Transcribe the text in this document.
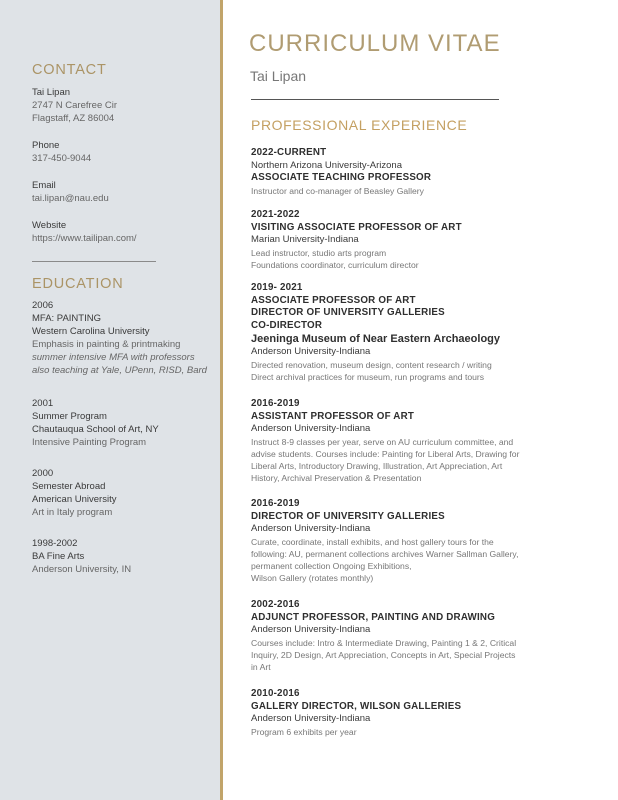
CONTACT
Tai Lipan
2747 N Carefree Cir
Flagstaff, AZ 86004
Phone
317-450-9044
Email
tai.lipan@nau.edu
Website
https://www.tailipan.com/
EDUCATION
2006
MFA: PAINTING
Western Carolina University
Emphasis in painting & printmaking
summer intensive MFA with professors
also teaching at Yale, UPenn, RISD, Bard
2001
Summer Program
Chautauqua School of Art, NY
Intensive Painting Program
2000
Semester Abroad
American University
Art in Italy program
1998-2002
BA Fine Arts
Anderson University, IN
CURRICULUM VITAE
Tai Lipan
PROFESSIONAL EXPERIENCE
2022-CURRENT
Northern Arizona University-Arizona
ASSOCIATE TEACHING PROFESSOR
Instructor and co-manager of Beasley Gallery
2021-2022
VISITING ASSOCIATE PROFESSOR OF ART
Marian University-Indiana
Lead instructor, studio arts program
Foundations coordinator, curriculum director
2019- 2021
ASSOCIATE PROFESSOR OF ART
DIRECTOR OF UNIVERSITY GALLERIES
CO-DIRECTOR
Jeeninga Museum of Near Eastern Archaeology
Anderson University-Indiana
Directed renovation, museum design, content research / writing
Direct archival practices for museum, run programs and tours
2016-2019
ASSISTANT PROFESSOR OF ART
Anderson University-Indiana
Instruct 8-9 classes per year, serve on AU curriculum committee, and
advise students. Courses include: Painting for Liberal Arts, Drawing for
Liberal Arts, Introductory Drawing, Illustration, Art Appreciation, Art
History, Archival Preservation & Presentation
2016-2019
DIRECTOR OF UNIVERSITY GALLERIES
Anderson University-Indiana
Curate, coordinate, install exhibits, and host gallery tours for the
following: AU, permanent collections archives Warner Sallman Gallery,
permanent collection Ongoing Exhibitions,
Wilson Gallery (rotates monthly)
2002-2016
ADJUNCT PROFESSOR, PAINTING AND DRAWING
Anderson University-Indiana
Courses include: Intro & Intermediate Drawing, Painting 1 & 2, Critical
Inquiry, 2D Design, Art Appreciation, Concepts in Art, Special Projects
in Art
2010-2016
GALLERY DIRECTOR, WILSON GALLERIES
Anderson University-Indiana
Program 6 exhibits per year
